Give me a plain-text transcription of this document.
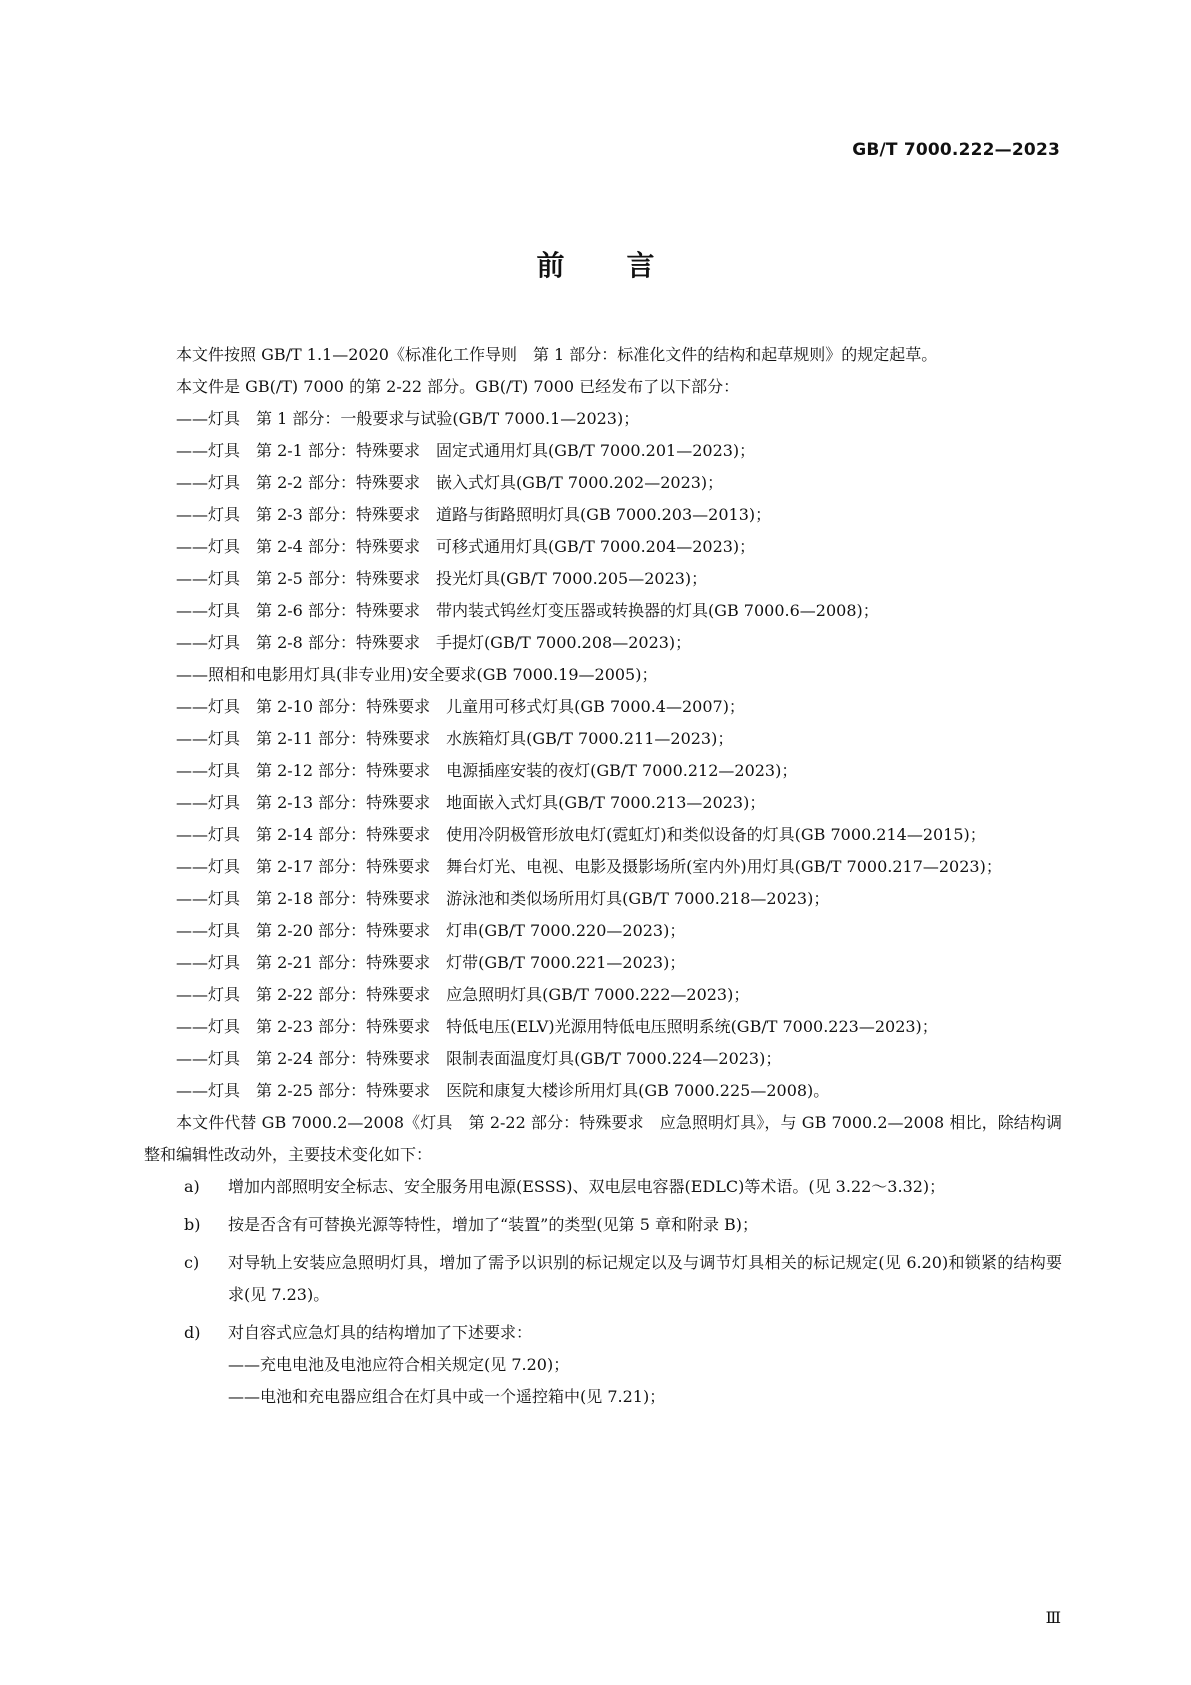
GB/T 7000.222—2023
前言

本文件按照 GB/T 1.1—2020《标准化工作导则　第 1 部分：标准化文件的结构和起草规则》的规定起草。

本文件是 GB(/T) 7000 的第 2-22 部分。GB(/T) 7000 已经发布了以下部分：

——灯具　第 1 部分：一般要求与试验(GB/T 7000.1—2023)；
——灯具　第 2-1 部分：特殊要求　固定式通用灯具(GB/T 7000.201—2023)；
——灯具　第 2-2 部分：特殊要求　嵌入式灯具(GB/T 7000.202—2023)；
——灯具　第 2-3 部分：特殊要求　道路与街路照明灯具(GB 7000.203—2013)；
——灯具　第 2-4 部分：特殊要求　可移式通用灯具(GB/T 7000.204—2023)；
——灯具　第 2-5 部分：特殊要求　投光灯具(GB/T 7000.205—2023)；
——灯具　第 2-6 部分：特殊要求　带内装式钨丝灯变压器或转换器的灯具(GB 7000.6—2008)；
——灯具　第 2-8 部分：特殊要求　手提灯(GB/T 7000.208—2023)；
——照相和电影用灯具(非专业用)安全要求(GB 7000.19—2005)；
——灯具　第 2-10 部分：特殊要求　儿童用可移式灯具(GB 7000.4—2007)；
——灯具　第 2-11 部分：特殊要求　水族箱灯具(GB/T 7000.211—2023)；
——灯具　第 2-12 部分：特殊要求　电源插座安装的夜灯(GB/T 7000.212—2023)；
——灯具　第 2-13 部分：特殊要求　地面嵌入式灯具(GB/T 7000.213—2023)；
——灯具　第 2-14 部分：特殊要求　使用冷阴极管形放电灯(霓虹灯)和类似设备的灯具(GB 7000.214—2015)；
——灯具　第 2-17 部分：特殊要求　舞台灯光、电视、电影及摄影场所(室内外)用灯具(GB/T 7000.217—2023)；
——灯具　第 2-18 部分：特殊要求　游泳池和类似场所用灯具(GB/T 7000.218—2023)；
——灯具　第 2-20 部分：特殊要求　灯串(GB/T 7000.220—2023)；
——灯具　第 2-21 部分：特殊要求　灯带(GB/T 7000.221—2023)；
——灯具　第 2-22 部分：特殊要求　应急照明灯具(GB/T 7000.222—2023)；
——灯具　第 2-23 部分：特殊要求　特低电压(ELV)光源用特低电压照明系统(GB/T 7000.223—2023)；
——灯具　第 2-24 部分：特殊要求　限制表面温度灯具(GB/T 7000.224—2023)；
——灯具　第 2-25 部分：特殊要求　医院和康复大楼诊所用灯具(GB 7000.225—2008)。

本文件代替 GB 7000.2—2008《灯具　第 2-22 部分：特殊要求　应急照明灯具》，与 GB 7000.2—2008 相比，除结构调整和编辑性改动外，主要技术变化如下：

a) 增加内部照明安全标志、安全服务用电源(ESSS)、双电层电容器(EDLC)等术语。(见 3.22～3.32)；
b) 按是否含有可替换光源等特性，增加了“装置”的类型(见第 5 章和附录 B)；
c) 对导轨上安装应急照明灯具，增加了需予以识别的标记规定以及与调节灯具相关的标记规定(见 6.20)和锁紧的结构要求(见 7.23)。
d) 对自容式应急灯具的结构增加了下述要求：
——充电电池及电池应符合相关规定(见 7.20)；
——电池和充电器应组合在灯具中或一个遥控箱中(见 7.21)；
Ⅲ
